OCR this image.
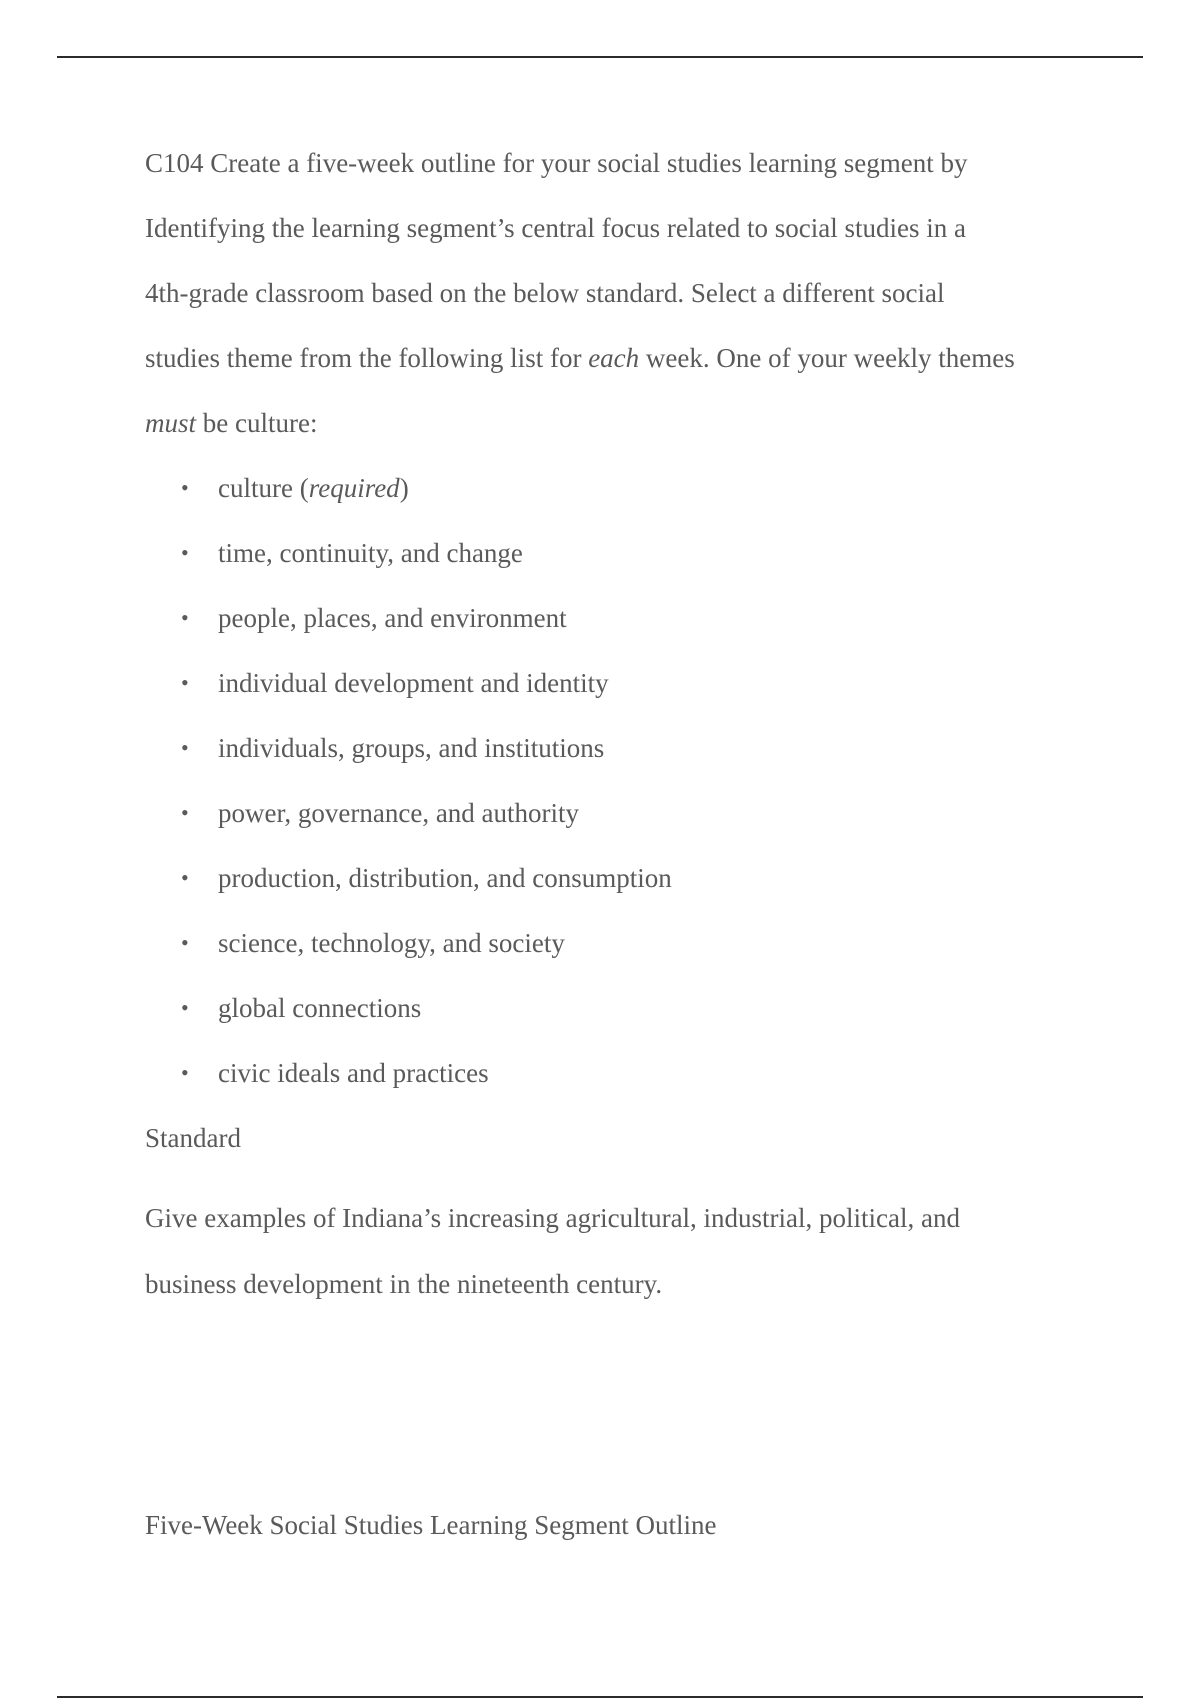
C104 Create a five-week outline for your social studies learning segment by

Identifying the learning segment’s central focus related to social studies in a

4th-grade classroom based on the below standard. Select a different social

studies theme from the following list for each week. One of your weekly themes

must be culture:

• culture (required)
• time, continuity, and change
• people, places, and environment
• individual development and identity
• individuals, groups, and institutions
• power, governance, and authority
• production, distribution, and consumption
• science, technology, and society
• global connections
• civic ideals and practices

Standard

Give examples of Indiana’s increasing agricultural, industrial, political, and

business development in the nineteenth century.

Five-Week Social Studies Learning Segment Outline
